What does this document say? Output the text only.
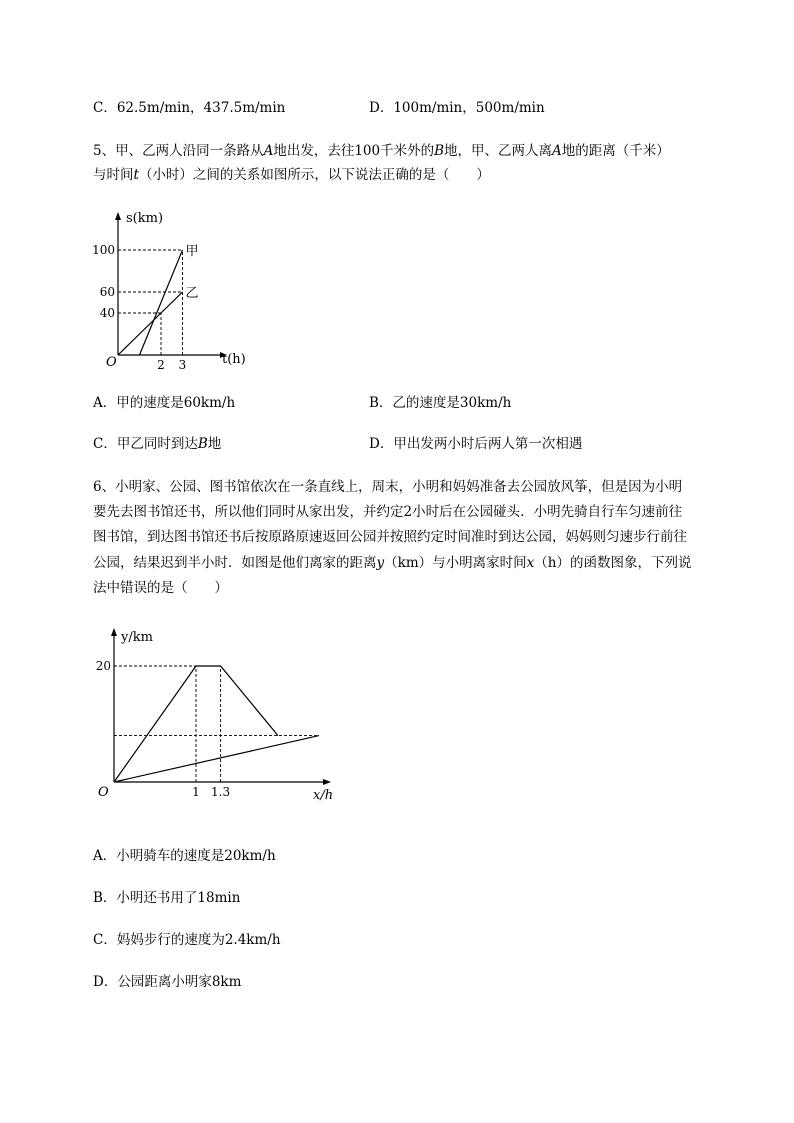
C．62.5m/min，437.5m/min	D．100m/min，500m/min
5、甲、乙两人沿同一条路从A地出发，去往100千米外的B地，甲、乙两人离A地的距离（千米）
与时间t（小时）之间的关系如图所示，以下说法正确的是（　　）
s(km)
t(h)
O
甲
乙
2 3
40
60
100
A．甲的速度是60km/h	B．乙的速度是30km/h
C．甲乙同时到达B地	D．甲出发两小时后两人第一次相遇
6、小明家、公园、图书馆依次在一条直线上，周末，小明和妈妈准备去公园放风筝，但是因为小明
要先去图书馆还书，所以他们同时从家出发，并约定2小时后在公园碰头．小明先骑自行车匀速前往
图书馆，到达图书馆还书后按原路原速返回公园并按照约定时间准时到达公园，妈妈则匀速步行前往
公园，结果迟到半小时．如图是他们离家的距离y（km）与小明离家时间x（h）的函数图象，下列说
法中错误的是（　　）
y/km
x/h
O	1 1.3
20
A．小明骑车的速度是20km/h
B．小明还书用了18min
C．妈妈步行的速度为2.4km/h
D．公园距离小明家8km
